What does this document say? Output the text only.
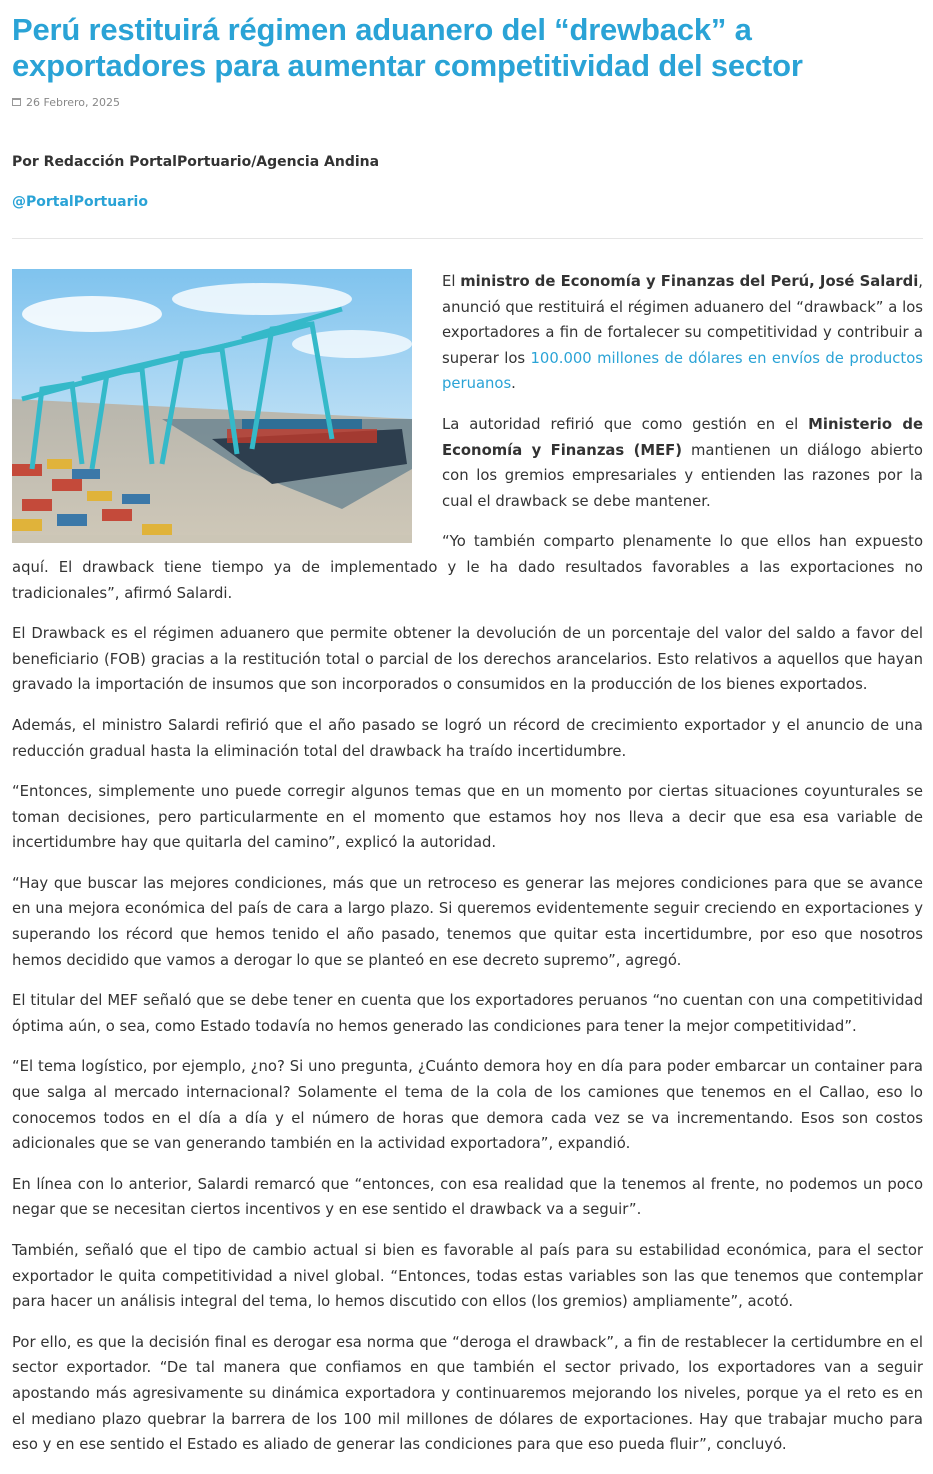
Perú restituirá régimen aduanero del “drewback” a exportadores para aumentar competitividad del sector
26 Febrero, 2025
Por Redacción PortalPortuario/Agencia Andina
@PortalPortuario

El ministro de Economía y Finanzas del Perú, José Salardi, anunció que restituirá el régimen aduanero del “drawback” a los exportadores a fin de fortalecer su competitividad y contribuir a superar los 100.000 millones de dólares en envíos de productos peruanos.

La autoridad refirió que como gestión en el Ministerio de Economía y Finanzas (MEF) mantienen un diálogo abierto con los gremios empresariales y entienden las razones por la cual el drawback se debe mantener.

“Yo también comparto plenamente lo que ellos han expuesto aquí. El drawback tiene tiempo ya de implementado y le ha dado resultados favorables a las exportaciones no tradicionales”, afirmó Salardi.

El Drawback es el régimen aduanero que permite obtener la devolución de un porcentaje del valor del saldo a favor del beneficiario (FOB) gracias a la restitución total o parcial de los derechos arancelarios. Esto relativos a aquellos que hayan gravado la importación de insumos que son incorporados o consumidos en la producción de los bienes exportados.

Además, el ministro Salardi refirió que el año pasado se logró un récord de crecimiento exportador y el anuncio de una reducción gradual hasta la eliminación total del drawback ha traído incertidumbre.

“Entonces, simplemente uno puede corregir algunos temas que en un momento por ciertas situaciones coyunturales se toman decisiones, pero particularmente en el momento que estamos hoy nos lleva a decir que esa esa variable de incertidumbre hay que quitarla del camino”, explicó la autoridad.

“Hay que buscar las mejores condiciones, más que un retroceso es generar las mejores condiciones para que se avance en una mejora económica del país de cara a largo plazo. Si queremos evidentemente seguir creciendo en exportaciones y superando los récord que hemos tenido el año pasado, tenemos que quitar esta incertidumbre, por eso que nosotros hemos decidido que vamos a derogar lo que se planteó en ese decreto supremo”, agregó.

El titular del MEF señaló que se debe tener en cuenta que los exportadores peruanos “no cuentan con una competitividad óptima aún, o sea, como Estado todavía no hemos generado las condiciones para tener la mejor competitividad”.

“El tema logístico, por ejemplo, ¿no? Si uno pregunta, ¿Cuánto demora hoy en día para poder embarcar un container para que salga al mercado internacional? Solamente el tema de la cola de los camiones que tenemos en el Callao, eso lo conocemos todos en el día a día y el número de horas que demora cada vez se va incrementando. Esos son costos adicionales que se van generando también en la actividad exportadora”, expandió.

En línea con lo anterior, Salardi remarcó que “entonces, con esa realidad que la tenemos al frente, no podemos un poco negar que se necesitan ciertos incentivos y en ese sentido el drawback va a seguir”.

También, señaló que el tipo de cambio actual si bien es favorable al país para su estabilidad económica, para el sector exportador le quita competitividad a nivel global. “Entonces, todas estas variables son las que tenemos que contemplar para hacer un análisis integral del tema, lo hemos discutido con ellos (los gremios) ampliamente”, acotó.

Por ello, es que la decisión final es derogar esa norma que “deroga el drawback”, a fin de restablecer la certidumbre en el sector exportador. “De tal manera que confiamos en que también el sector privado, los exportadores van a seguir apostando más agresivamente su dinámica exportadora y continuaremos mejorando los niveles, porque ya el reto es en el mediano plazo quebrar la barrera de los 100 mil millones de dólares de exportaciones. Hay que trabajar mucho para eso y en ese sentido el Estado es aliado de generar las condiciones para que eso pueda fluir”, concluyó.
